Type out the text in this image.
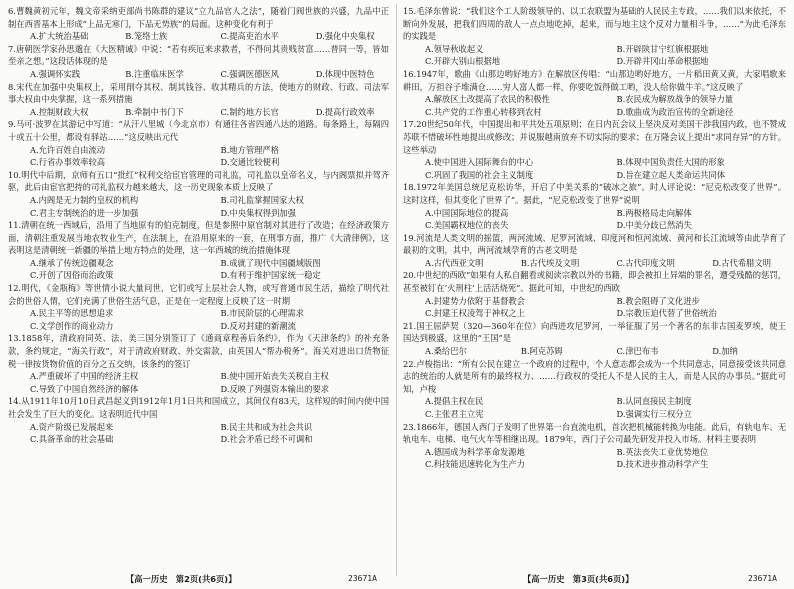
6.曹魏黄初元年，魏文帝采纳吏部尚书陈群的建议“立九品官人之法”，随着门阀世族的兴盛，九品中正制在西晋基本上形成“上品无寒门，下品无势族”的局面。这种变化有利于
A.扩大统治基础	B.笼络士族	C.提高吏治水平	D.强化中央集权
7.唐朝医学家孙思邈在《大医精诚》中说：“若有疾厄来求救者，不得问其贵贱贫富……普同一等，皆如至亲之想。”这段话体现的是
A.强调怀实践	B.注重临床医学	C.强调医德医风	D.体现中医特色
8.宋代在加强中央集权上，采用削夺其权、制其钱谷、收其精兵的方法，使地方的财政、行政、司法军事大权由中央掌握，这一系列措施
A.控制财政大权	B.牵制中书门下	C.制约地方长官	D.提高行政效率
9.马可·波罗在其游记中写道：“从汗八里城（今北京市）有通往各省四通八达的道路。每条路上，每隔四十或五十公里，都设有驿站……”这反映出元代
A.允许百姓自由流动	B.地方管理严格
C.行省办事效率较高	D.交通比较便利
10.明代中后期，京师有五口“批红”权利交给宦官管理的司礼监，司礼监以皇帝名义，与内阁票拟并驾齐驱，此后由宦官把持的司礼监权力越来越大，这一历史现象本质上反映了
A.内阁是无力制约皇权的机构	B.司礼监掌握国家大权
C.君主专制统治的进一步加强	D.中央集权得到加强
11.清朝在统一西域后，沿用了当地原有的伯克制度，但是参照中原官制对其进行了改造；在经济政策方面，清朝注重发展当地农牧业生产，在法制上，在沿用原来的一套，在刑事方面，推广《大清律例》，这表明这是清朝统一新疆的举措上地方特点的处理，这一年西城的统治措施体现
A.继承了传统边疆观念	B.成就了现代中国疆域版图
C.开创了因俗而治政策	D.有利于维护国家统一稳定
12.明代，《金瓶梅》等世情小说大量问世，它们或写上层社会人物，或写普通市民生活，描绘了明代社会的世俗人情，它们充满了世俗生活气息，正是在一定程度上反映了这一时期
A.民主平等的思想追求	B.市民阶层的心理需求
C.文学创作的商业动力	D.反对封建的新潮流
13.1858年，清政府同英、法、美三国分别签订了《通商章程善后条约》，作为《天津条约》的补充条款，条约规定，“海关行政”，对于清政府财政、外交需款，由英国人“帮办税务”。海关对进出口货物征税一律按货物价值的百分之五交纳，该条约的签订
A.严重破坏了中国的经济主权	B.使中国开始丧失关税自主权
C.导致了中国自然经济的解体	D.反映了列强资本输出的要求
14.从1911年10月10日武昌起义到1912年1月1日共和国成立，其间仅有83天，这样短的时间内使中国社会发生了巨大的变化。这表明近代中国
A.资产阶级已发展起来	B.民主共和成为社会共识
C.具备革命的社会基础	D.社会矛盾已经不可调和
15.毛泽东曾说：“我们这个工人阶级领导的、以工农联盟为基础的人民民主专政，……我们以来依托，不断向外发展，把我们四周的敌人一点点地吃掉，起来，而与地主这个反对力量相斗争，……”为此毛泽东的实践是
A.领导秋收起义	B.开辟陕甘宁红旗根据地
C.开辟大别山根据地	D.开辟井冈山革命根据地
16.1947年，歌曲《山那边哟好地方》在解放区传唱：“山那边哟好地方，一片稻田黄又黄，大家唱歌来耕田，万担谷子堆满仓……穷人富人都一样，你要吃饭得做工哟，没人给你做牛羊。”这反映了
A.解放区土改提高了农民的积极性	B.农民成为解放战争的领导力量
C.共产党的工作重心转移到农村	D.歌曲成为政治宣传的全新途径
17.20世纪50年代，中国提出和平共处五项原则；在日内瓦会议上坚决反对美国干涉我国内政，也不赞成苏联不惜破坏性地提出或修改；并说服越南放弃不切实际的要求；在万隆会议上提出“求同存异”的方针。这些举动
A.使中国进入国际舞台的中心	B.体现中国负责任大国的形象
C.巩固了我国的社会主义制度	D.旨在建立起人类命运共同体
18.1972年美国总统尼克松访华，开启了中美关系的“破冰之旅”。时人评论说：“尼克松改变了世界”。这时这样，但其变化了世界了”。据此，“尼克松改变了世界”说明
A.中国国际地位的提高	B.两极格局走向解体
C.美国霸权地位的丧失	D.中美分歧已然消失
19.河流是人类文明的摇篮，两河流域、尼罗河流域、印度河和恒河流域、黄河和长江流域等由此孕育了最初的文明，其中，两河流域孕育的古老文明是
A.古代西亚文明	B.古代埃及文明	C.古代印度文明	D.古代希腊文明
20.中世纪的西欧“如果有人私自翻看或阅读宗教以外的书籍，即会被扣上异端的罪名，遭受残酷的惩罚，甚至被钉在‘火刑柱’上活活烧死”。据此可知，中世纪的西欧
A.封建势力依附于基督教会	B.教会阻碍了文化进步
C.封建王权凌驾于神权之上	D.宗教压迫代替了世俗统治
21.国王屈萨契（320—360年在位）向西进攻尼罗河，一举征服了另一个著名的东非古国麦罗埃，使王国达到极盛，这里的“王国”是
A.桑给巴尔	B.阿克苏姆	C.津巴布韦	D.加纳
22.卢梭指出：“所有公民在建立一个政府的过程中，个人意志都会成为一个共同意志，同意接受该共同意志的统治的人就是所有的最终权力、……行政权的受托人不是人民的主人，而是人民的办事员。”据此可知，卢梭
A.提倡主权在民	B.认同直接民主制度
C.主张君主立宪	D.强调实行三权分立
23.1866年，德国人西门子发明了世界第一台直流电机，首次把机械能转换为电能。此后，有轨电车、无轨电车、电梯、电气火车等相继出现。1879年，西门子公司最先研发并投入市场。材料主要表明
A.德国成为科学革命发源地	B.英法丧失工业优势地位
C.科技能迅速转化为生产力	D.技术进步推动科学产生
【高一历史　第2页(共6页)】	23671A	【高一历史　第3页(共6页)】	23671A
